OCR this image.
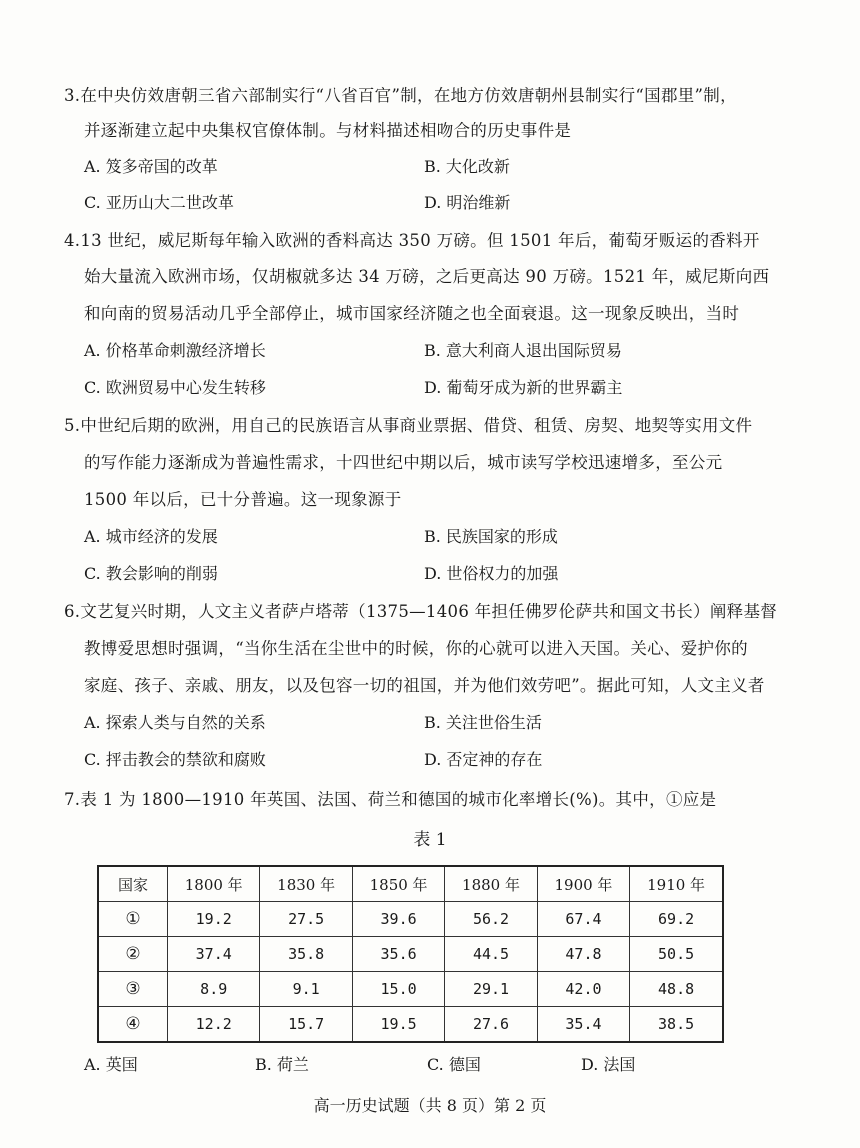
3.在中央仿效唐朝三省六部制实行“八省百官”制，在地方仿效唐朝州县制实行“国郡里”制，
并逐渐建立起中央集权官僚体制。与材料描述相吻合的历史事件是
A. 笈多帝国的改革	B. 大化改新
C. 亚历山大二世改革	D. 明治维新
4.13 世纪，威尼斯每年输入欧洲的香料高达 350 万磅。但 1501 年后，葡萄牙贩运的香料开
始大量流入欧洲市场，仅胡椒就多达 34 万磅，之后更高达 90 万磅。1521 年，威尼斯向西
和向南的贸易活动几乎全部停止，城市国家经济随之也全面衰退。这一现象反映出，当时
A. 价格革命刺激经济增长	B. 意大利商人退出国际贸易
C. 欧洲贸易中心发生转移	D. 葡萄牙成为新的世界霸主
5.中世纪后期的欧洲，用自己的民族语言从事商业票据、借贷、租赁、房契、地契等实用文件
的写作能力逐渐成为普遍性需求，十四世纪中期以后，城市读写学校迅速增多，至公元
1500 年以后，已十分普遍。这一现象源于
A. 城市经济的发展	B. 民族国家的形成
C. 教会影响的削弱	D. 世俗权力的加强
6.文艺复兴时期，人文主义者萨卢塔蒂（1375—1406 年担任佛罗伦萨共和国文书长）阐释基督
教博爱思想时强调，“当你生活在尘世中的时候，你的心就可以进入天国。关心、爱护你的
家庭、孩子、亲戚、朋友，以及包容一切的祖国，并为他们效劳吧”。据此可知，人文主义者
A. 探索人类与自然的关系	B. 关注世俗生活
C. 抨击教会的禁欲和腐败	D. 否定神的存在
7.表 1 为 1800—1910 年英国、法国、荷兰和德国的城市化率增长(%)。其中，①应是
表 1
国家	1800 年	1830 年	1850 年	1880 年	1900 年	1910 年
①	19.2	27.5	39.6	56.2	67.4	69.2
②	37.4	35.8	35.6	44.5	47.8	50.5
③	8.9	9.1	15.0	29.1	42.0	48.8
④	12.2	15.7	19.5	27.6	35.4	38.5
A. 英国	B. 荷兰	C. 德国	D. 法国
高一历史试题（共 8 页）第 2 页
